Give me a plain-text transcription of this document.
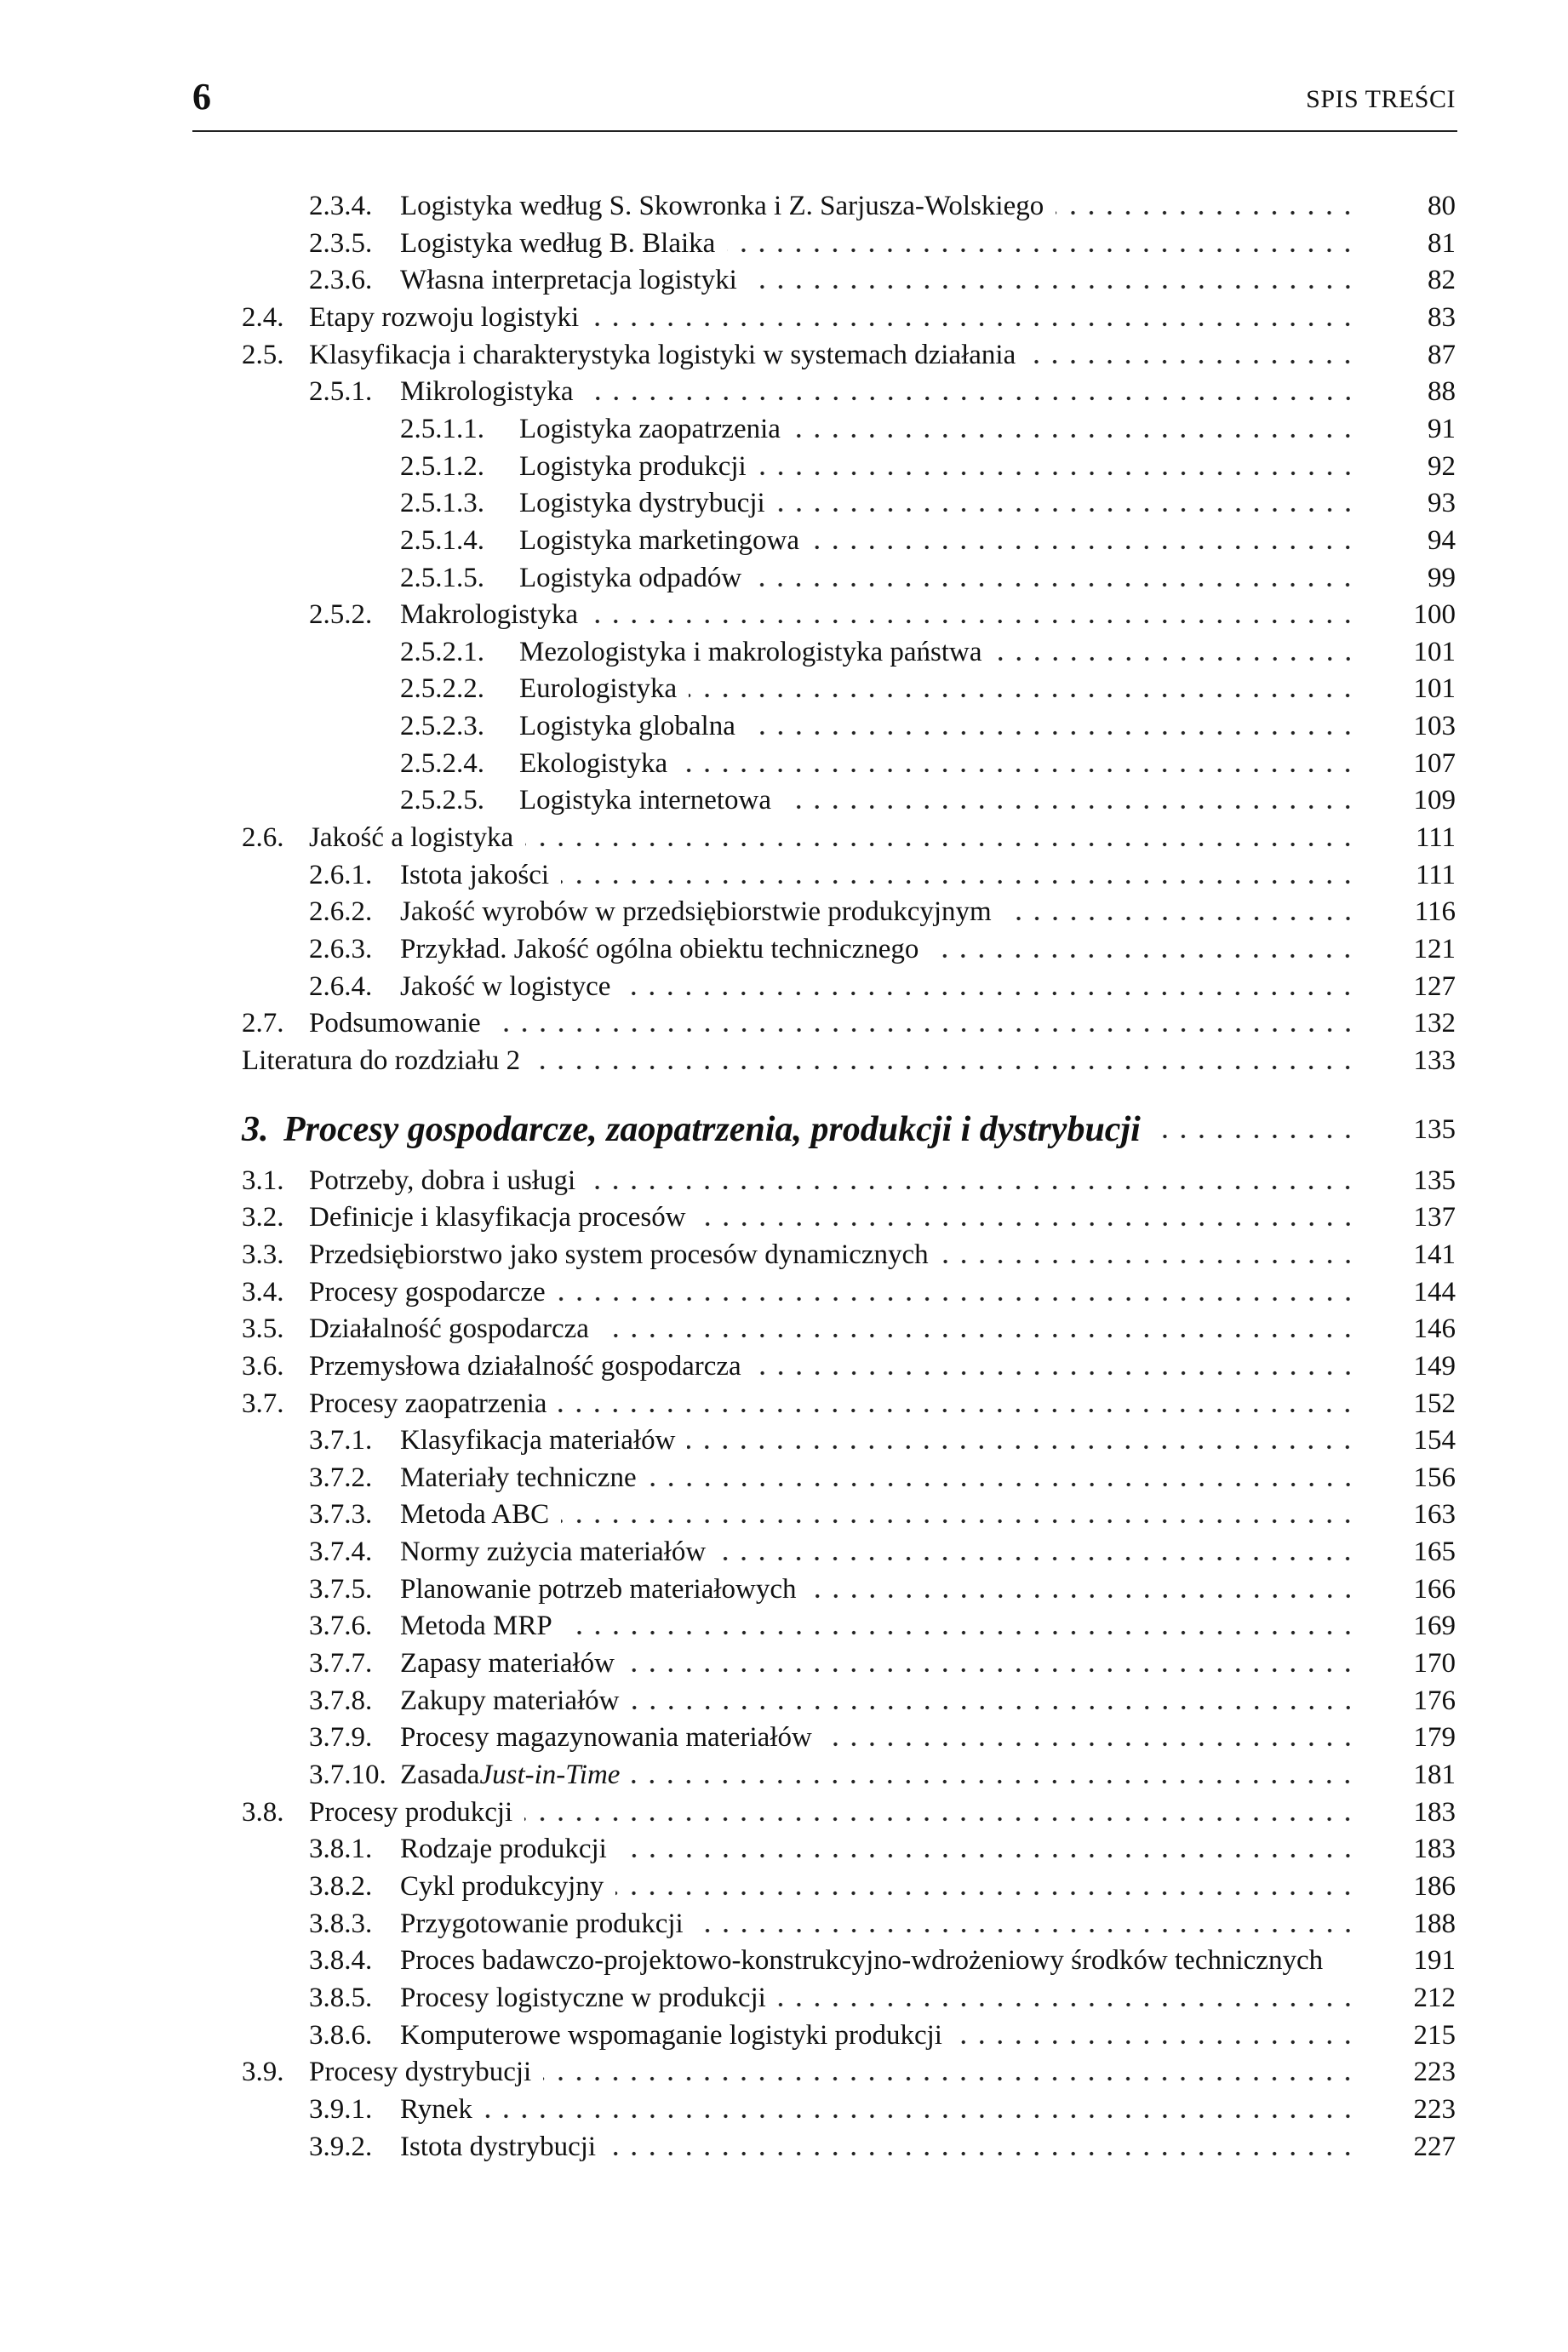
6	SPIS TREŚCI
2.3.4. Logistyka według S. Skowronka i Z. Sarjusza-Wolskiego	80
2.3.5. Logistyka według B. Blaika	81
2.3.6. Własna interpretacja logistyki	82
2.4. Etapy rozwoju logistyki	83
2.5. Klasyfikacja i charakterystyka logistyki w systemach działania	87
2.5.1. Mikrologistyka	88
2.5.1.1. Logistyka zaopatrzenia	91
2.5.1.2. Logistyka produkcji	92
2.5.1.3. Logistyka dystrybucji	93
2.5.1.4. Logistyka marketingowa	94
2.5.1.5. Logistyka odpadów	99
2.5.2. Makrologistyka	100
2.5.2.1. Mezologistyka i makrologistyka państwa	101
2.5.2.2. Eurologistyka	101
2.5.2.3. Logistyka globalna	103
2.5.2.4. Ekologistyka	107
2.5.2.5. Logistyka internetowa	109
2.6. Jakość a logistyka	111
2.6.1. Istota jakości	111
2.6.2. Jakość wyrobów w przedsiębiorstwie produkcyjnym	116
2.6.3. Przykład. Jakość ogólna obiektu technicznego	121
2.6.4. Jakość w logistyce	127
2.7. Podsumowanie	132
Literatura do rozdziału 2	133
3. Procesy gospodarcze, zaopatrzenia, produkcji i dystrybucji	135
3.1. Potrzeby, dobra i usługi	135
3.2. Definicje i klasyfikacja procesów	137
3.3. Przedsiębiorstwo jako system procesów dynamicznych	141
3.4. Procesy gospodarcze	144
3.5. Działalność gospodarcza	146
3.6. Przemysłowa działalność gospodarcza	149
3.7. Procesy zaopatrzenia	152
3.7.1. Klasyfikacja materiałów	154
3.7.2. Materiały techniczne	156
3.7.3. Metoda ABC	163
3.7.4. Normy zużycia materiałów	165
3.7.5. Planowanie potrzeb materiałowych	166
3.7.6. Metoda MRP	169
3.7.7. Zapasy materiałów	170
3.7.8. Zakupy materiałów	176
3.7.9. Procesy magazynowania materiałów	179
3.7.10. Zasada Just-in-Time	181
3.8. Procesy produkcji	183
3.8.1. Rodzaje produkcji	183
3.8.2. Cykl produkcyjny	186
3.8.3. Przygotowanie produkcji	188
3.8.4. Proces badawczo-projektowo-konstrukcyjno-wdrożeniowy środków technicznych	191
3.8.5. Procesy logistyczne w produkcji	212
3.8.6. Komputerowe wspomaganie logistyki produkcji	215
3.9. Procesy dystrybucji	223
3.9.1. Rynek	223
3.9.2. Istota dystrybucji	227
